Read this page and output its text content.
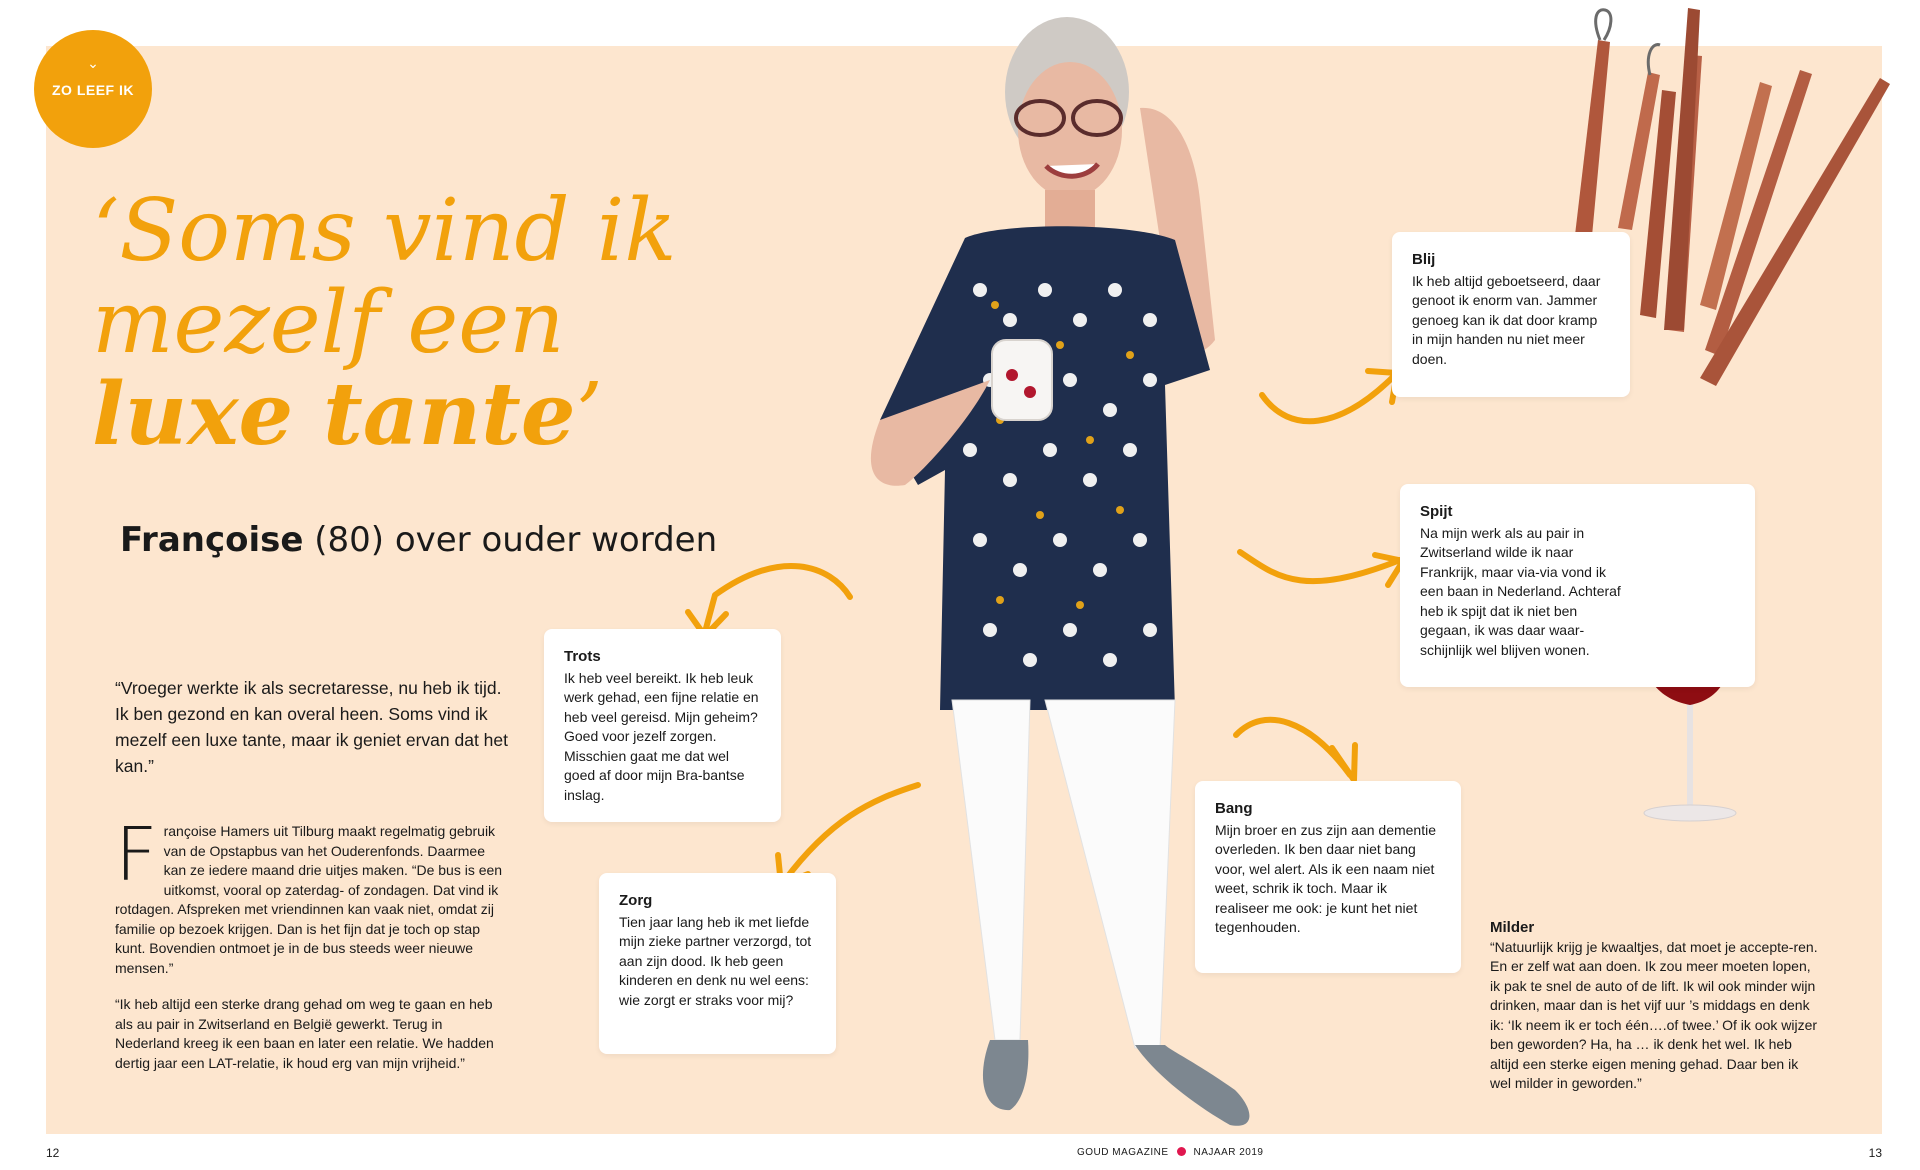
⌄
ZO LEEF IK
‘Soms vind ik
mezelf een
luxe tante’
Françoise (80) over ouder worden
“Vroeger werkte ik als secretaresse, nu heb ik tijd. Ik ben gezond en kan overal heen. Soms vind ik mezelf een luxe tante, maar ik geniet ervan dat het kan.”
Françoise Hamers uit Tilburg maakt regelmatig gebruik van de Opstapbus van het Ouderenfonds. Daarmee kan ze iedere maand drie uitjes maken. “De bus is een uitkomst, vooral op zaterdag- of zondagen. Dat vind ik rotdagen. Afspreken met vriendinnen kan vaak niet, omdat zij familie op bezoek krijgen. Dan is het fijn dat je toch op stap kunt. Bovendien ontmoet je in de bus steeds weer nieuwe mensen.”
“Ik heb altijd een sterke drang gehad om weg te gaan en heb als au pair in Zwitserland en België gewerkt. Terug in Nederland kreeg ik een baan en later een relatie. We hadden dertig jaar een LAT-relatie, ik houd erg van mijn vrijheid.”
Blij
Ik heb altijd geboetseerd, daar genoot ik enorm van. Jammer genoeg kan ik dat door kramp in mijn handen nu niet meer doen.
Spijt
Na mijn werk als au pair in Zwitserland wilde ik naar Frankrijk, maar via-via vond ik een baan in Nederland. Achteraf heb ik spijt dat ik niet ben gegaan, ik was daar waar-schijnlijk wel blijven wonen.
Trots
Ik heb veel bereikt. Ik heb leuk werk gehad, een fijne relatie en heb veel gereisd. Mijn geheim? Goed voor jezelf zorgen. Misschien gaat me dat wel goed af door mijn Bra-bantse inslag.
Zorg
Tien jaar lang heb ik met liefde mijn zieke partner verzorgd, tot aan zijn dood. Ik heb geen kinderen en denk nu wel eens: wie zorgt er straks voor mij?
Bang
Mijn broer en zus zijn aan dementie overleden. Ik ben daar niet bang voor, wel alert. Als ik een naam niet weet, schrik ik toch. Maar ik realiseer me ook: je kunt het niet tegenhouden.	Milder
“Natuurlijk krijg je kwaaltjes, dat moet je accepte-ren. En er zelf wat aan doen. Ik zou meer moeten lopen, ik pak te snel de auto of de lift. Ik wil ook minder wijn drinken, maar dan is het vijf uur ’s middags en denk ik: ‘Ik neem ik er toch één….of twee.’ Of ik ook wijzer ben geworden? Ha, ha … ik denk het wel. Ik heb altijd een sterke eigen mening gehad. Daar ben ik wel milder in geworden.”
12	GOUD MAGAZINE	NAJAAR 2019	13
